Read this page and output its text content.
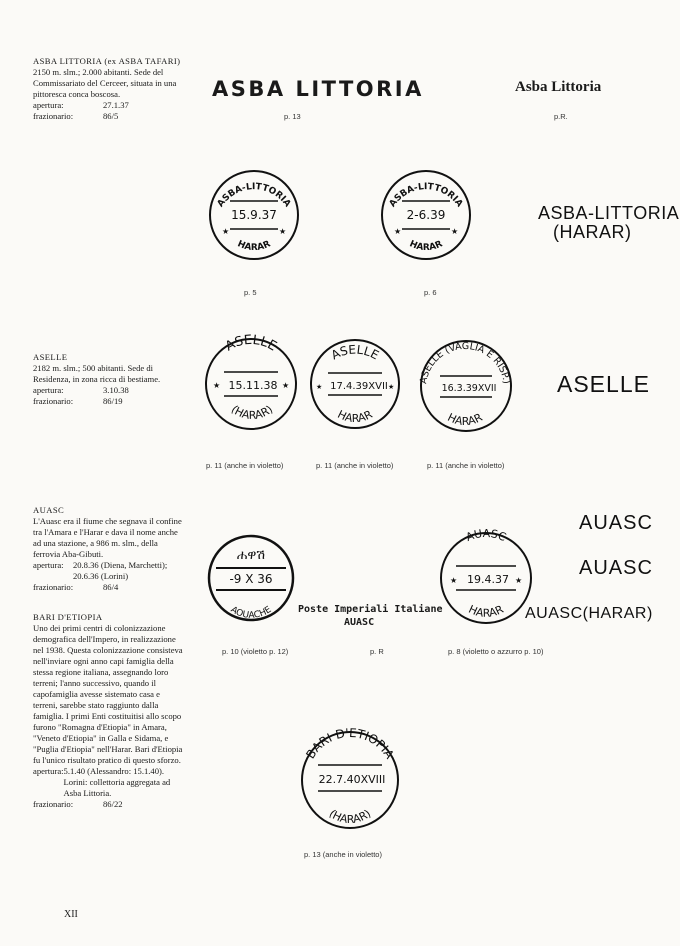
ASBA LITTORIA (ex ASBA TAFARI)

2150 m. slm.; 2.000 abitanti. Sede del Commissariato del Cerceer, situata in una pittoresca conca boscosa.

apertura:	27.1.37
frazionario:	86/5

ASELLE

2182 m. slm.; 500 abitanti. Sede di Residenza, in zona ricca di bestiame.

apertura:	3.10.38
frazionario:	86/19

AUASC

L'Auasc era il fiume che segnava il confine tra l'Amara e l'Harar e dava il nome anche ad una stazione, a 986 m. slm., della ferrovia Aba-Gibuti.

apertura:	20.8.36 (Diena, Marchetti); 20.6.36 (Lorini)
frazionario:	86/4

BARI D'ETIOPIA

Uno dei primi centri di colonizzazione demografica dell'Impero, in realizzazione nel 1938. Questa colonizzazione consisteva nell'inviare ogni anno capi famiglia della stessa regione italiana, assegnando loro terreni; l'anno successivo, quando il capofamiglia avesse sistemato casa e terreni, sarebbe stato raggiunto dalla famiglia. I primi Enti costituitisi allo scopo furono "Romagna d'Etiopia" in Amara, "Veneto d'Etiopia" in Galla e Sidama, e "Puglia d'Etiopia" nell'Harar. Bari d'Etiopia fu l'unico risultato pratico di questo sforzo.

apertura: 5.1.40 (Alessandro: 15.1.40). Lorini: collettoria aggregata ad Asba Littoria.
frazionario:	86/22
ASBA LITTORIA	Asba Littoria
ASBA-LITTORIA
(HARAR)
ASELLE
AUASC
AUASC
AUASC(HARAR)
Poste Imperiali Italiane
AUASC
ASBA-LITTORIA
HARAR
15.9.37
★	★
ASBA-LITTORIA
HARAR
2-6.39
★	★
ASELLE
(HARAR)
15.11.38
★	★
ASELLE
HARAR
17.4.39XVII
★	★
ASELLE (VAGLIA E RISP.)
HARAR
16.3.39XVII
ሐዋሽ
AOUACHE
-9 X 36
AUASC
HARAR
19.4.37
★	★
BARI D'ETIOPIA
(HARAR)
22.7.40XVIII
p. 13	p.R.
p. 5	p. 6
p. 11 (anche in violetto)	p. 11 (anche in violetto)	p. 11 (anche in violetto)
p. 10 (violetto p. 12)	p. R	p. 8 (violetto o azzurro p. 10)
p. 13 (anche in violetto)
XII
